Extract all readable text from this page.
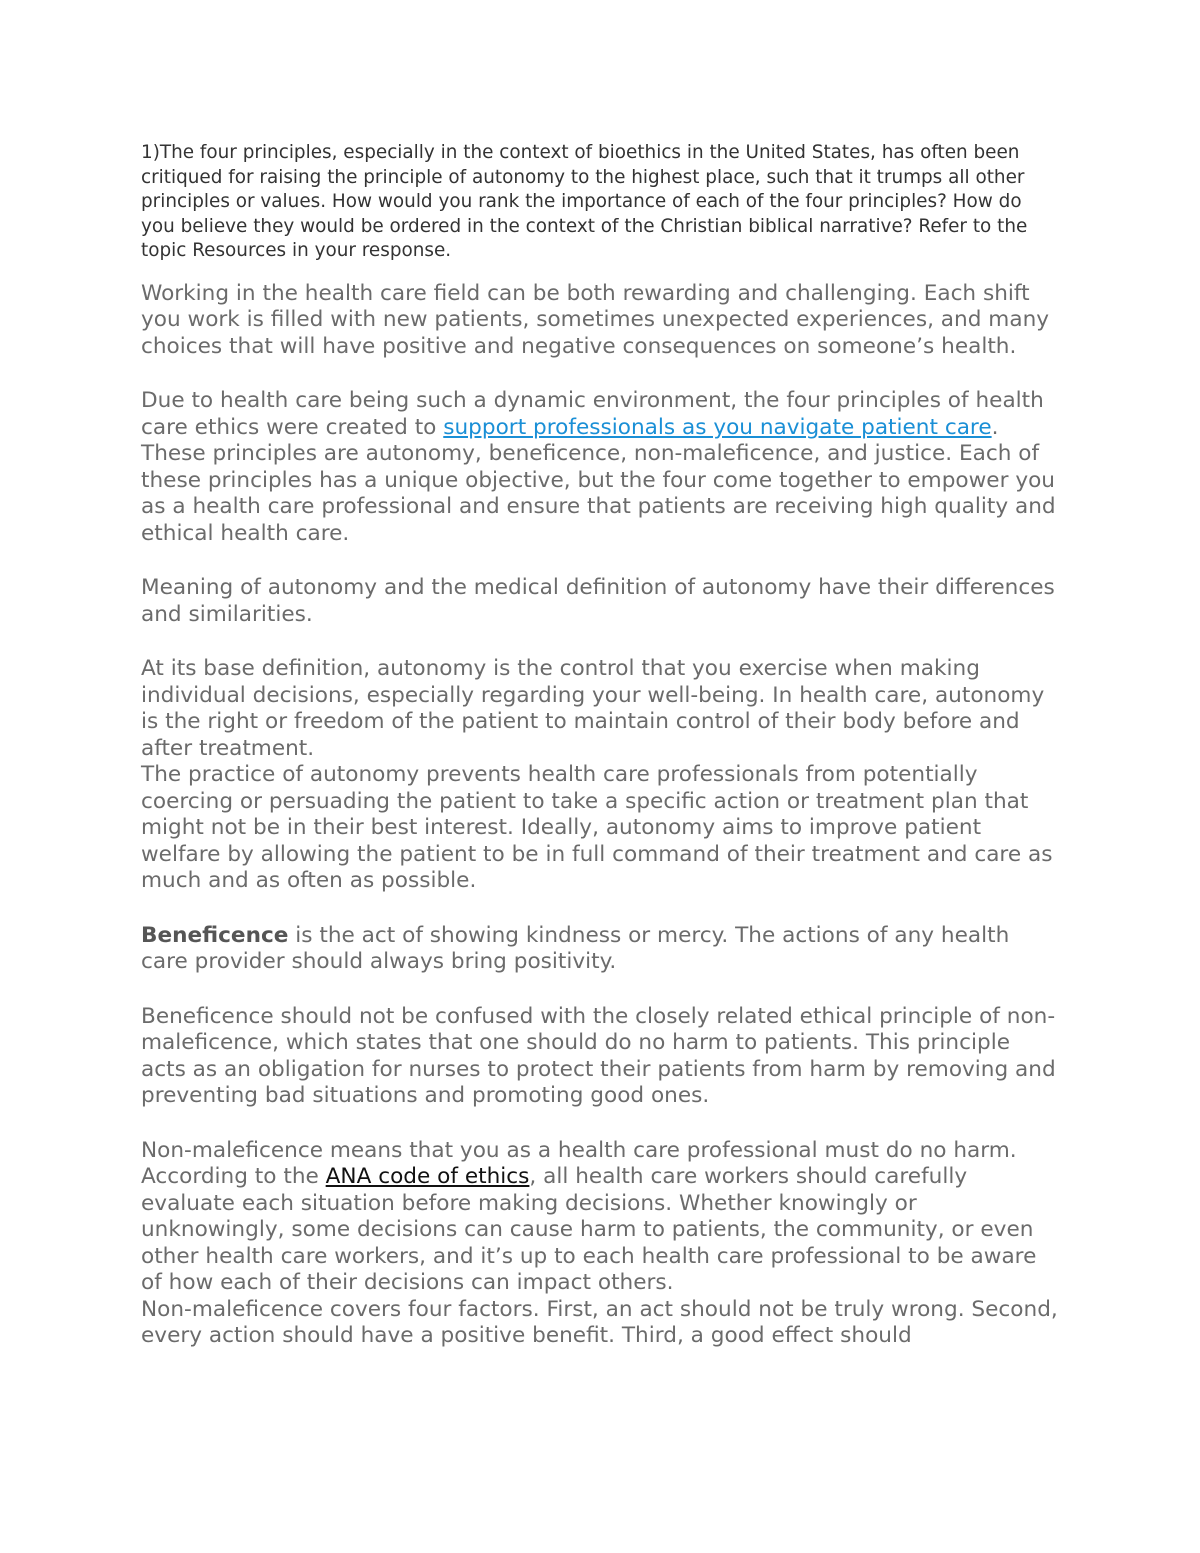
1)The four principles, especially in the context of bioethics in the United States, has often been critiqued for raising the principle of autonomy to the highest place, such that it trumps all other principles or values. How would you rank the importance of each of the four principles? How do you believe they would be ordered in the context of the Christian biblical narrative? Refer to the topic Resources in your response.

Working in the health care field can be both rewarding and challenging. Each shift you work is filled with new patients, sometimes unexpected experiences, and many choices that will have positive and negative consequences on someone’s health.

Due to health care being such a dynamic environment, the four principles of health care ethics were created to support professionals as you navigate patient care. These principles are autonomy, beneficence, non-maleficence, and justice. Each of these principles has a unique objective, but the four come together to empower you as a health care professional and ensure that patients are receiving high quality and ethical health care.

Meaning of autonomy and the medical definition of autonomy have their differences and similarities.

At its base definition, autonomy is the control that you exercise when making individual decisions, especially regarding your well-being. In health care, autonomy is the right or freedom of the patient to maintain control of their body before and after treatment.

The practice of autonomy prevents health care professionals from potentially coercing or persuading the patient to take a specific action or treatment plan that might not be in their best interest. Ideally, autonomy aims to improve patient welfare by allowing the patient to be in full command of their treatment and care as much and as often as possible.

Beneficence is the act of showing kindness or mercy. The actions of any health care provider should always bring positivity.

Beneficence should not be confused with the closely related ethical principle of non-maleficence, which states that one should do no harm to patients. This principle acts as an obligation for nurses to protect their patients from harm by removing and preventing bad situations and promoting good ones.

Non-maleficence means that you as a health care professional must do no harm. According to the ANA code of ethics, all health care workers should carefully evaluate each situation before making decisions. Whether knowingly or unknowingly, some decisions can cause harm to patients, the community, or even other health care workers, and it’s up to each health care professional to be aware of how each of their decisions can impact others.

Non-maleficence covers four factors. First, an act should not be truly wrong. Second, every action should have a positive benefit. Third, a good effect should
